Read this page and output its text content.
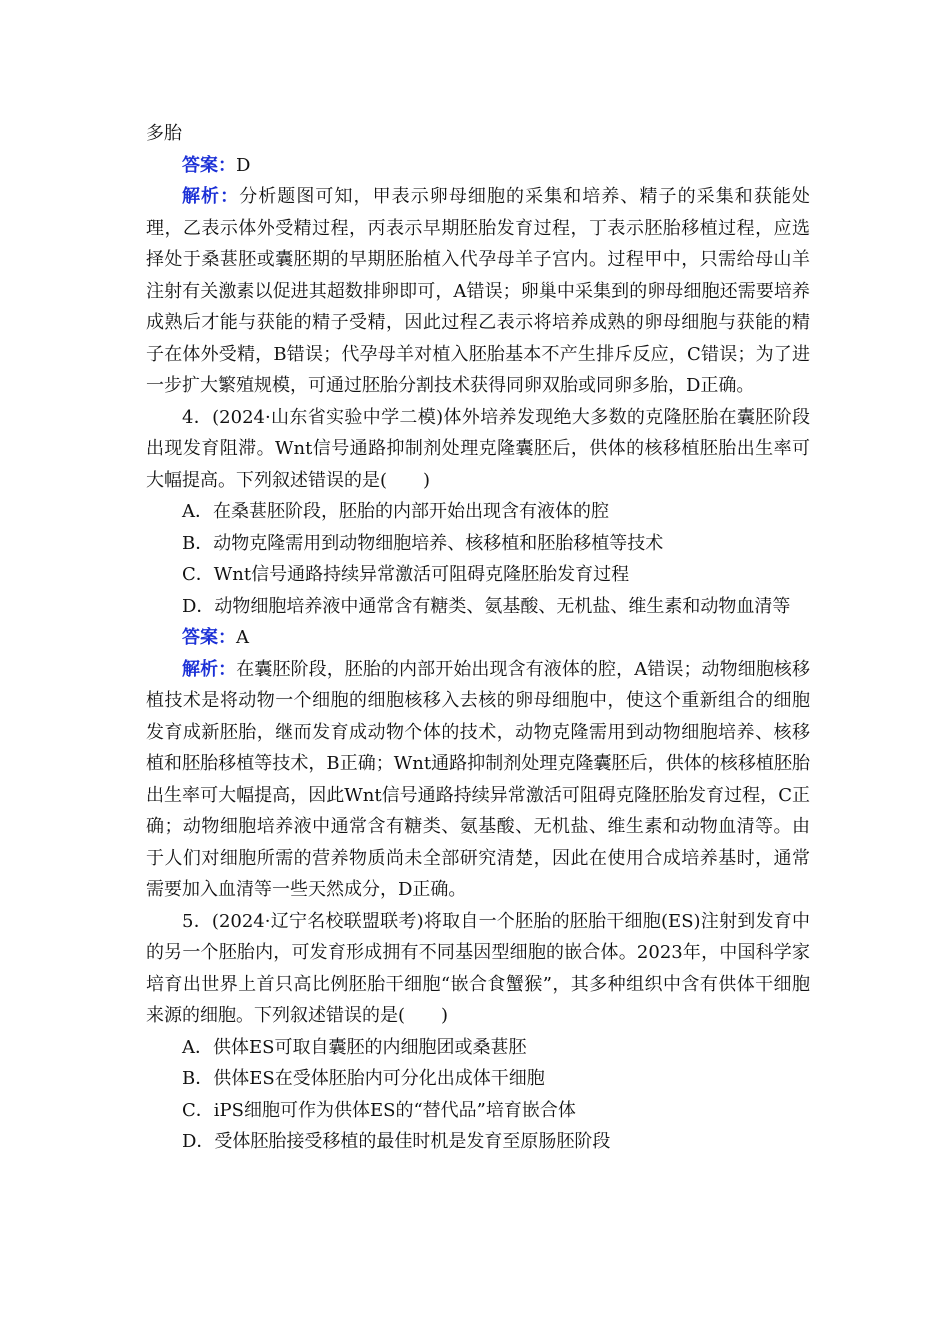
多胎

答案：D

解析：分析题图可知，甲表示卵母细胞的采集和培养、精子的采集和获能处理，乙表示体外受精过程，丙表示早期胚胎发育过程，丁表示胚胎移植过程，应选择处于桑葚胚或囊胚期的早期胚胎植入代孕母羊子宫内。过程甲中，只需给母山羊注射有关激素以促进其超数排卵即可，A错误；卵巢中采集到的卵母细胞还需要培养成熟后才能与获能的精子受精，因此过程乙表示将培养成熟的卵母细胞与获能的精子在体外受精，B错误；代孕母羊对植入胚胎基本不产生排斥反应，C错误；为了进一步扩大繁殖规模，可通过胚胎分割技术获得同卵双胎或同卵多胎，D正确。

4．(2024·山东省实验中学二模)体外培养发现绝大多数的克隆胚胎在囊胚阶段出现发育阻滞。Wnt信号通路抑制剂处理克隆囊胚后，供体的核移植胚胎出生率可大幅提高。下列叙述错误的是(　　)

A．在桑葚胚阶段，胚胎的内部开始出现含有液体的腔

B．动物克隆需用到动物细胞培养、核移植和胚胎移植等技术

C．Wnt信号通路持续异常激活可阻碍克隆胚胎发育过程

D．动物细胞培养液中通常含有糖类、氨基酸、无机盐、维生素和动物血清等

答案：A

解析：在囊胚阶段，胚胎的内部开始出现含有液体的腔，A错误；动物细胞核移植技术是将动物一个细胞的细胞核移入去核的卵母细胞中，使这个重新组合的细胞发育成新胚胎，继而发育成动物个体的技术，动物克隆需用到动物细胞培养、核移植和胚胎移植等技术，B正确；Wnt通路抑制剂处理克隆囊胚后，供体的核移植胚胎出生率可大幅提高，因此Wnt信号通路持续异常激活可阻碍克隆胚胎发育过程，C正确；动物细胞培养液中通常含有糖类、氨基酸、无机盐、维生素和动物血清等。由于人们对细胞所需的营养物质尚未全部研究清楚，因此在使用合成培养基时，通常需要加入血清等一些天然成分，D正确。

5．(2024·辽宁名校联盟联考)将取自一个胚胎的胚胎干细胞(ES)注射到发育中的另一个胚胎内，可发育形成拥有不同基因型细胞的嵌合体。2023年，中国科学家培育出世界上首只高比例胚胎干细胞“嵌合食蟹猴”，其多种组织中含有供体干细胞来源的细胞。下列叙述错误的是(　　)

A．供体ES可取自囊胚的内细胞团或桑葚胚

B．供体ES在受体胚胎内可分化出成体干细胞

C．iPS细胞可作为供体ES的“替代品”培育嵌合体

D．受体胚胎接受移植的最佳时机是发育至原肠胚阶段
